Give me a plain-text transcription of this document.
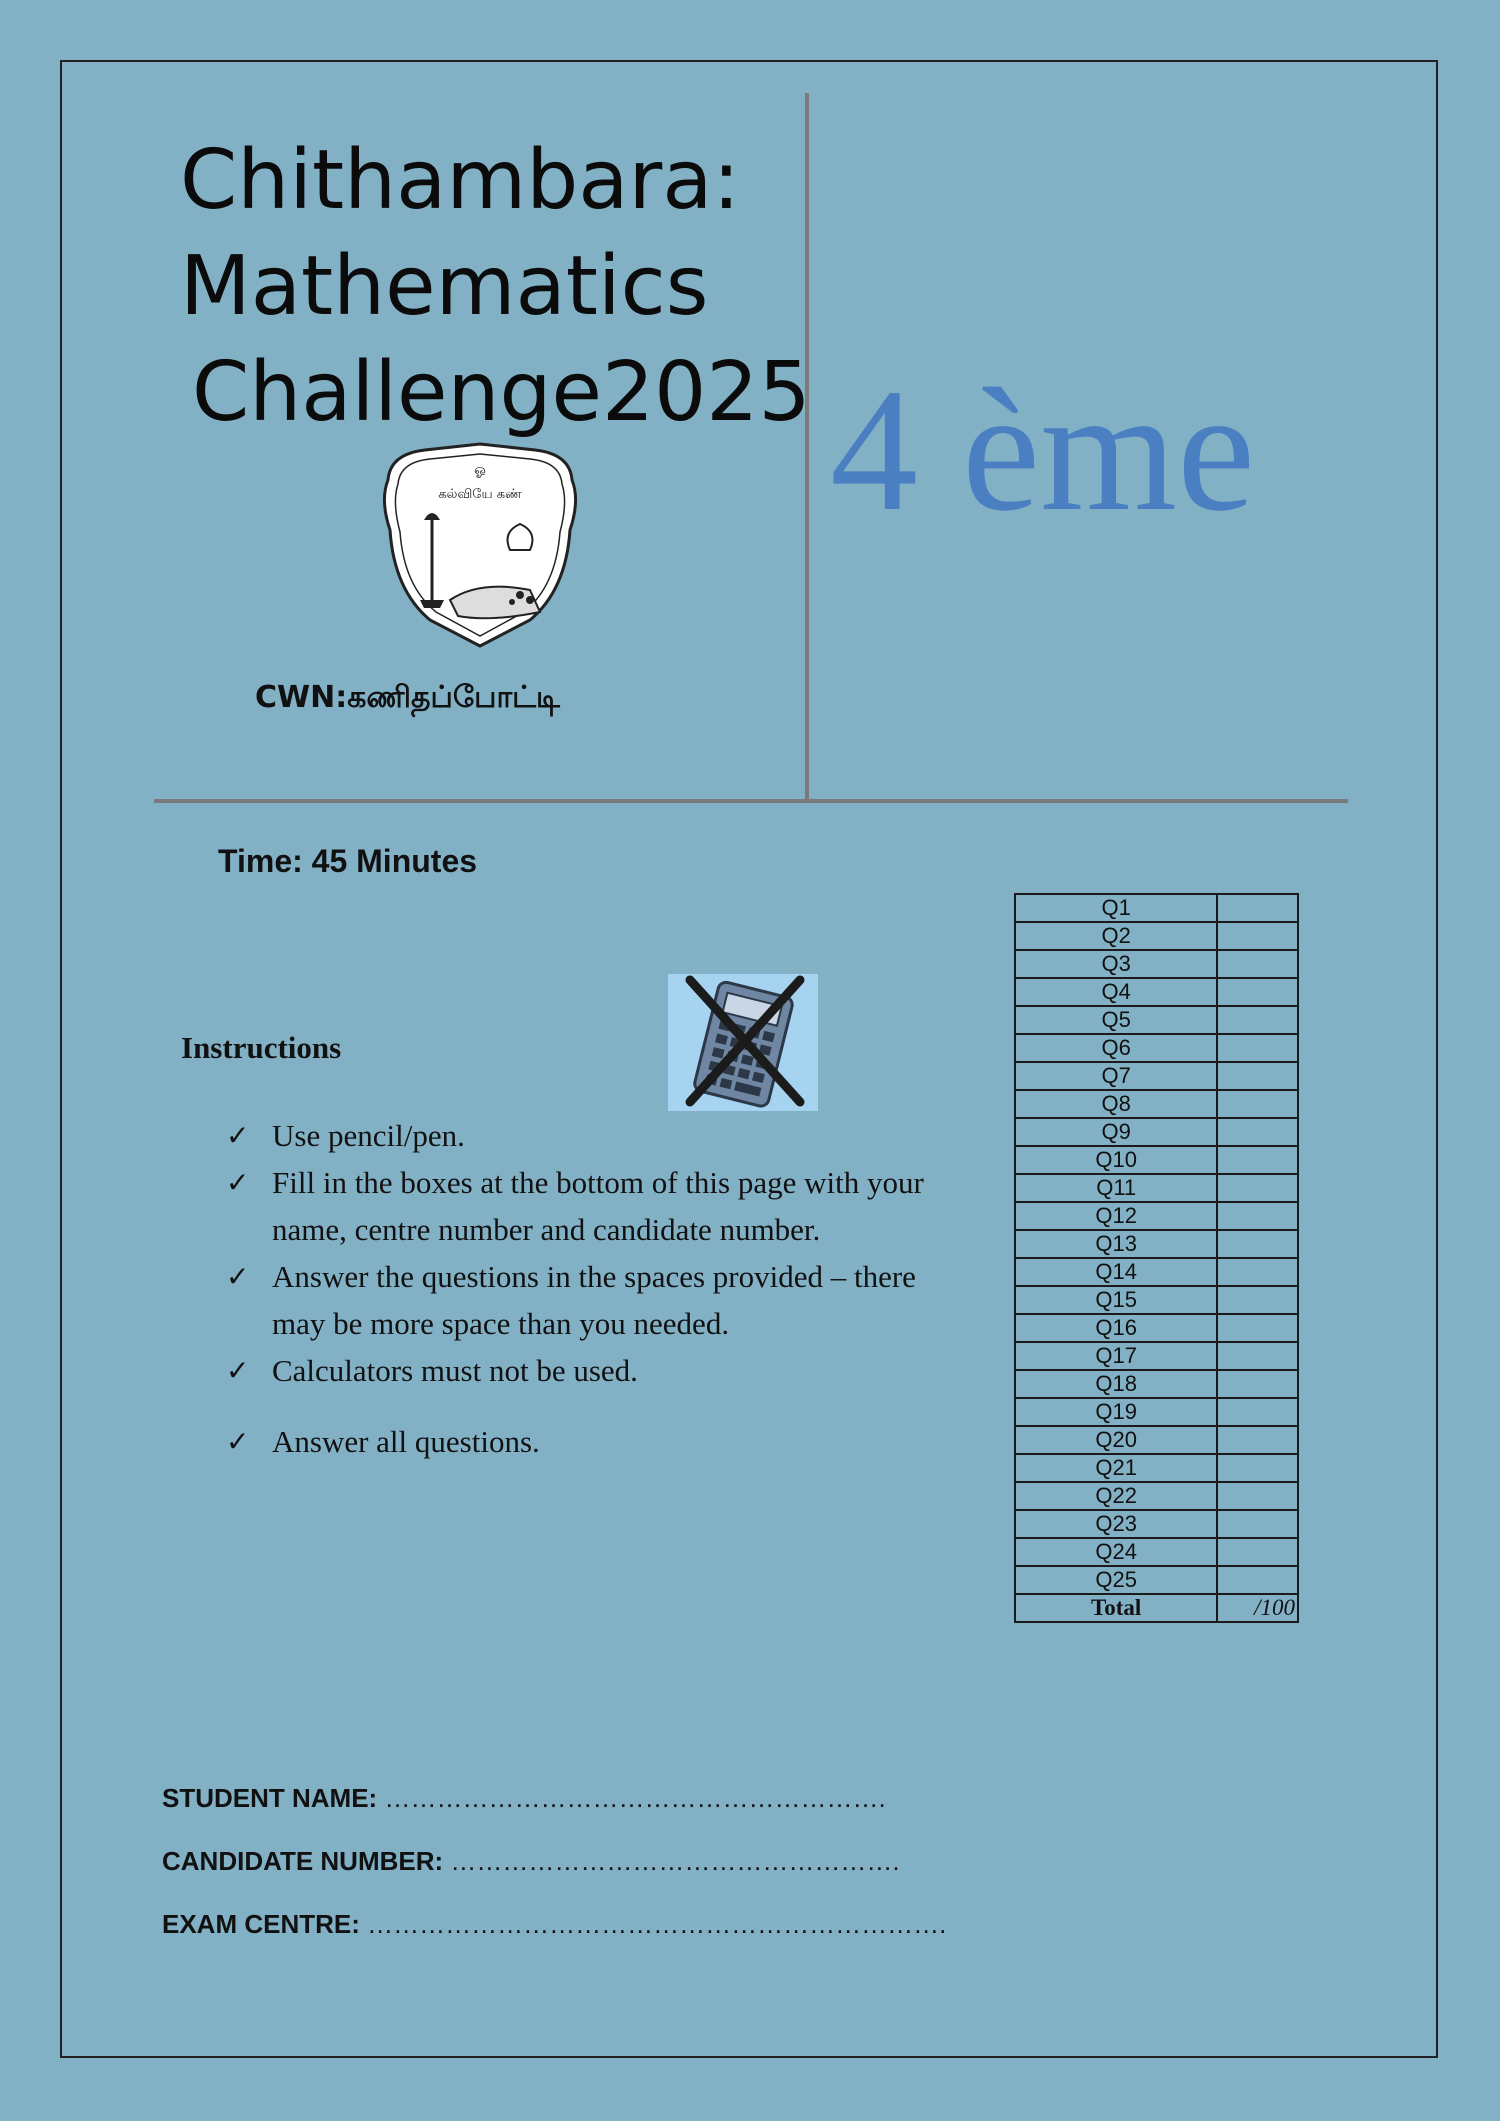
Chithambara:
Mathematics
Challenge2025
ஓ
கல்வியே கண்
CWN:கணிதப்போட்டி
4 ème
Time: 45 Minutes
Instructions
✓ Use pencil/pen.
✓ Fill in the boxes at the bottom of this page with your name, centre number and candidate number.
✓ Answer the questions in the spaces provided – there may be more space than you needed.
✓ Calculators must not be used.
✓ Answer all questions.
Q1	
Q2	
Q3	
Q4	
Q5	
Q6	
Q7	
Q8	
Q9	
Q10	
Q11	
Q12	
Q13	
Q14	
Q15	
Q16	
Q17	
Q18	
Q19	
Q20	
Q21	
Q22	
Q23	
Q24	
Q25	
Total	/100
STUDENT NAME: ………………………………………………….
CANDIDATE NUMBER: …………………………………………….
EXAM CENTRE: ………………………………………………………….
